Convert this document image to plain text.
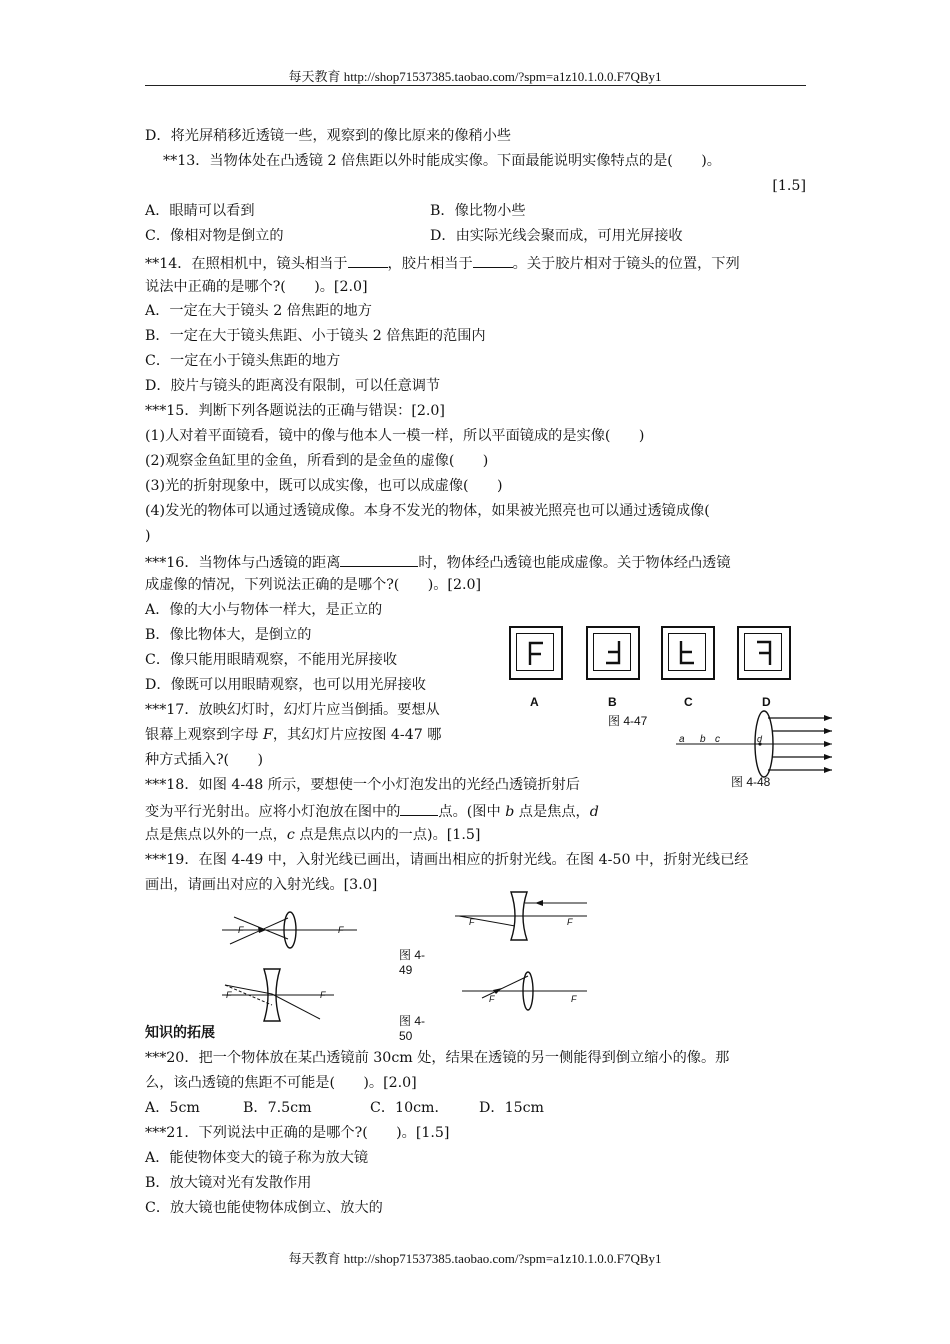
每天教育 http://shop71537385.taobao.com/?spm=a1z10.1.0.0.F7QBy1
D．将光屏稍移近透镜一些，观察到的像比原来的像稍小些
**13．当物体处在凸透镜 2 倍焦距以外时能成实像。下面最能说明实像特点的是(　　)。
[1.5]
A．眼睛可以看到	B．像比物小些
C．像相对物是倒立的	D．由实际光线会聚而成，可用光屏接收
**14．在照相机中，镜头相当于	，胶片相当于	。关于胶片相对于镜头的位置，下列
说法中正确的是哪个?(　　)。[2.0]
A．一定在大于镜头 2 倍焦距的地方
B．一定在大于镜头焦距、小于镜头 2 倍焦距的范围内
C．一定在小于镜头焦距的地方
D．胶片与镜头的距离没有限制，可以任意调节
***15．判断下列各题说法的正确与错误：[2.0]
(1)人对着平面镜看，镜中的像与他本人一模一样，所以平面镜成的是实像(　　)
(2)观察金鱼缸里的金鱼，所看到的是金鱼的虚像(　　)
(3)光的折射现象中，既可以成实像，也可以成虚像(　　)
(4)发光的物体可以通过透镜成像。本身不发光的物体，如果被光照亮也可以通过透镜成像(
)
***16．当物体与凸透镜的距离	时，物体经凸透镜也能成虚像。关于物体经凸透镜
成虚像的情况，下列说法正确的是哪个?(　　)。[2.0]
A．像的大小与物体一样大，是正立的
B．像比物体大，是倒立的
C．像只能用眼睛观察，不能用光屏接收
D．像既可以用眼睛观察，也可以用光屏接收
***17．放映幻灯时，幻灯片应当倒插。要想从
银幕上观察到字母 F，其幻灯片应按图 4-47 哪
种方式插入?(　　)
***18．如图 4-48 所示，要想使一个小灯泡发出的光经凸透镜折射后
变为平行光射出。应将小灯泡放在图中的	点。(图中 b 点是焦点，d
点是焦点以外的一点，c 点是焦点以内的一点)。[1.5]
***19．在图 4-49 中，入射光线已画出，请画出相应的折射光线。在图 4-50 中，折射光线已经
画出，请画出对应的入射光线。[3.0]
知识的拓展
***20．把一个物体放在某凸透镜前 30cm 处，结果在透镜的另一侧能得到倒立缩小的像。那
么，该凸透镜的焦距不可能是(　　)。[2.0]
A．5cm	B．7.5cm	C．10cm． D．15cm
***21．下列说法中正确的是哪个?(　　)。[1.5]
A．能使物体变大的镜子称为放大镜
B．放大镜对光有发散作用
C．放大镜也能使物体成倒立、放大的
A	B	C	D
图 4-47
a b c	d
图 4-48
F	F
F	F
图 4-
49
F	F
F	F
图 4-
50
每天教育 http://shop71537385.taobao.com/?spm=a1z10.1.0.0.F7QBy1
